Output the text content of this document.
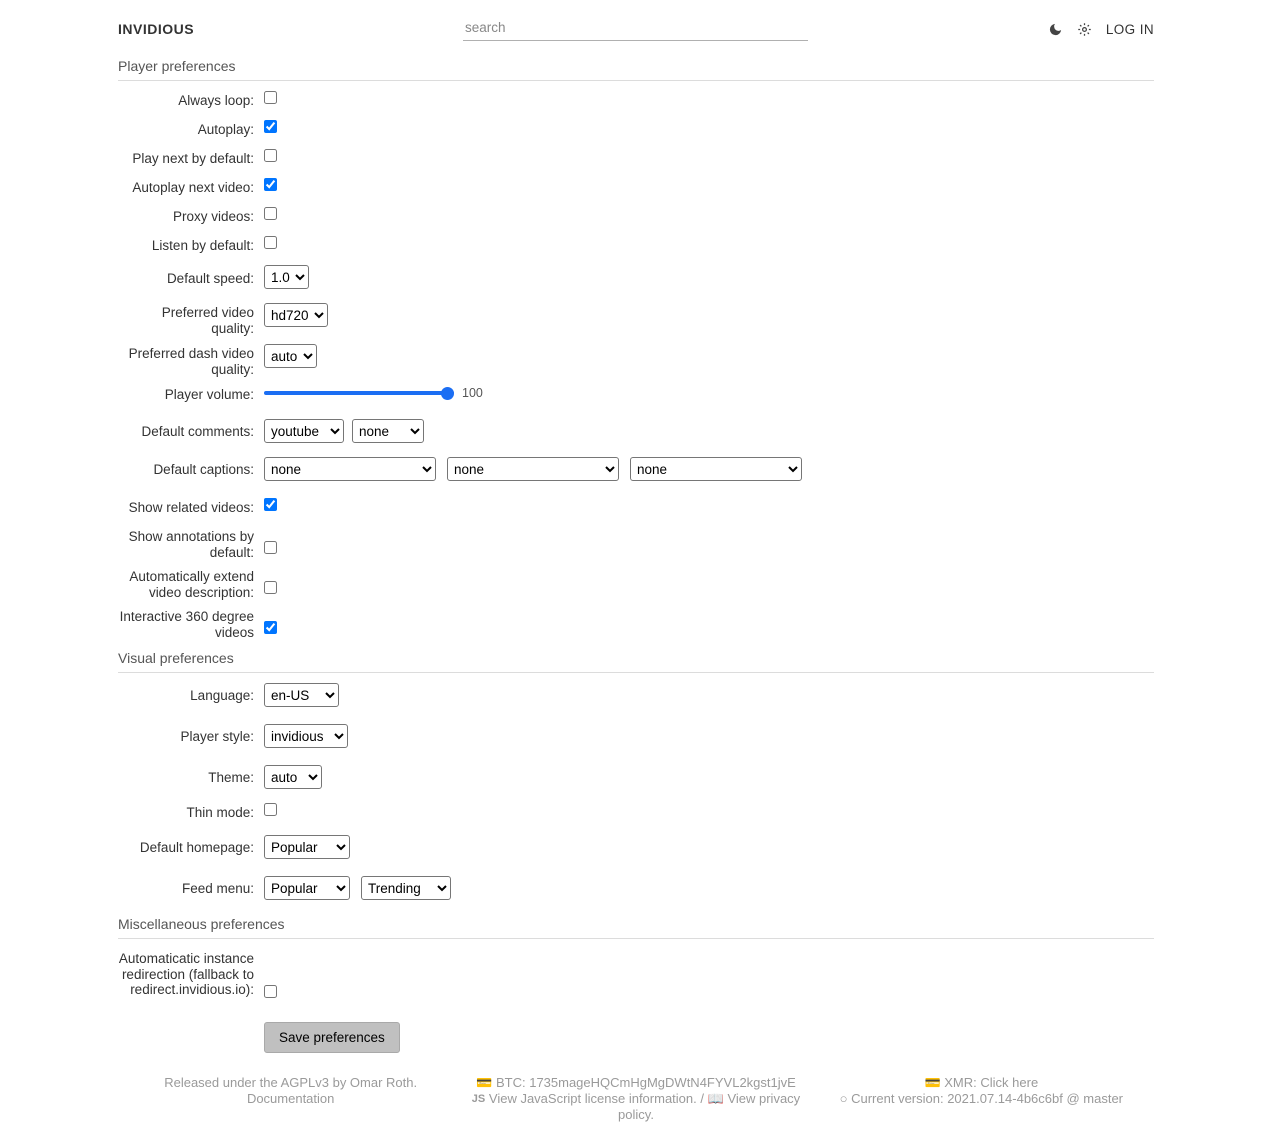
INVIDIOUS
search	LOG IN
Player preferences
Always loop:
Autoplay:
Play next by default:
Autoplay next video:
Proxy videos:
Listen by default:
Default speed:
1.0
Preferred video quality:
hd720
Preferred dash video quality:
auto
Player volume:	100
Default comments:
youtube
none
Default captions:
none
none
none
Show related videos:
Show annotations by default:
Automatically extend video description:
Interactive 360 degree videos
Visual preferences
Language:
en-US
Player style:
invidious
Theme:
auto
Thin mode:
Default homepage:
Popular
Feed menu:
Popular
Trending
Miscellaneous preferences
Automaticatic instance redirection (fallback to redirect.invidious.io):
Save preferences
Released under the AGPLv3 by Omar Roth.
Documentation
💳 BTC: 1735mageHQCmHgMgDWtN4FYVL2kgst1jvE
JS View JavaScript license information. / 📖 View privacy policy.
💳 XMR: Click here
○ Current version: 2021.07.14-4b6c6bf @ master
